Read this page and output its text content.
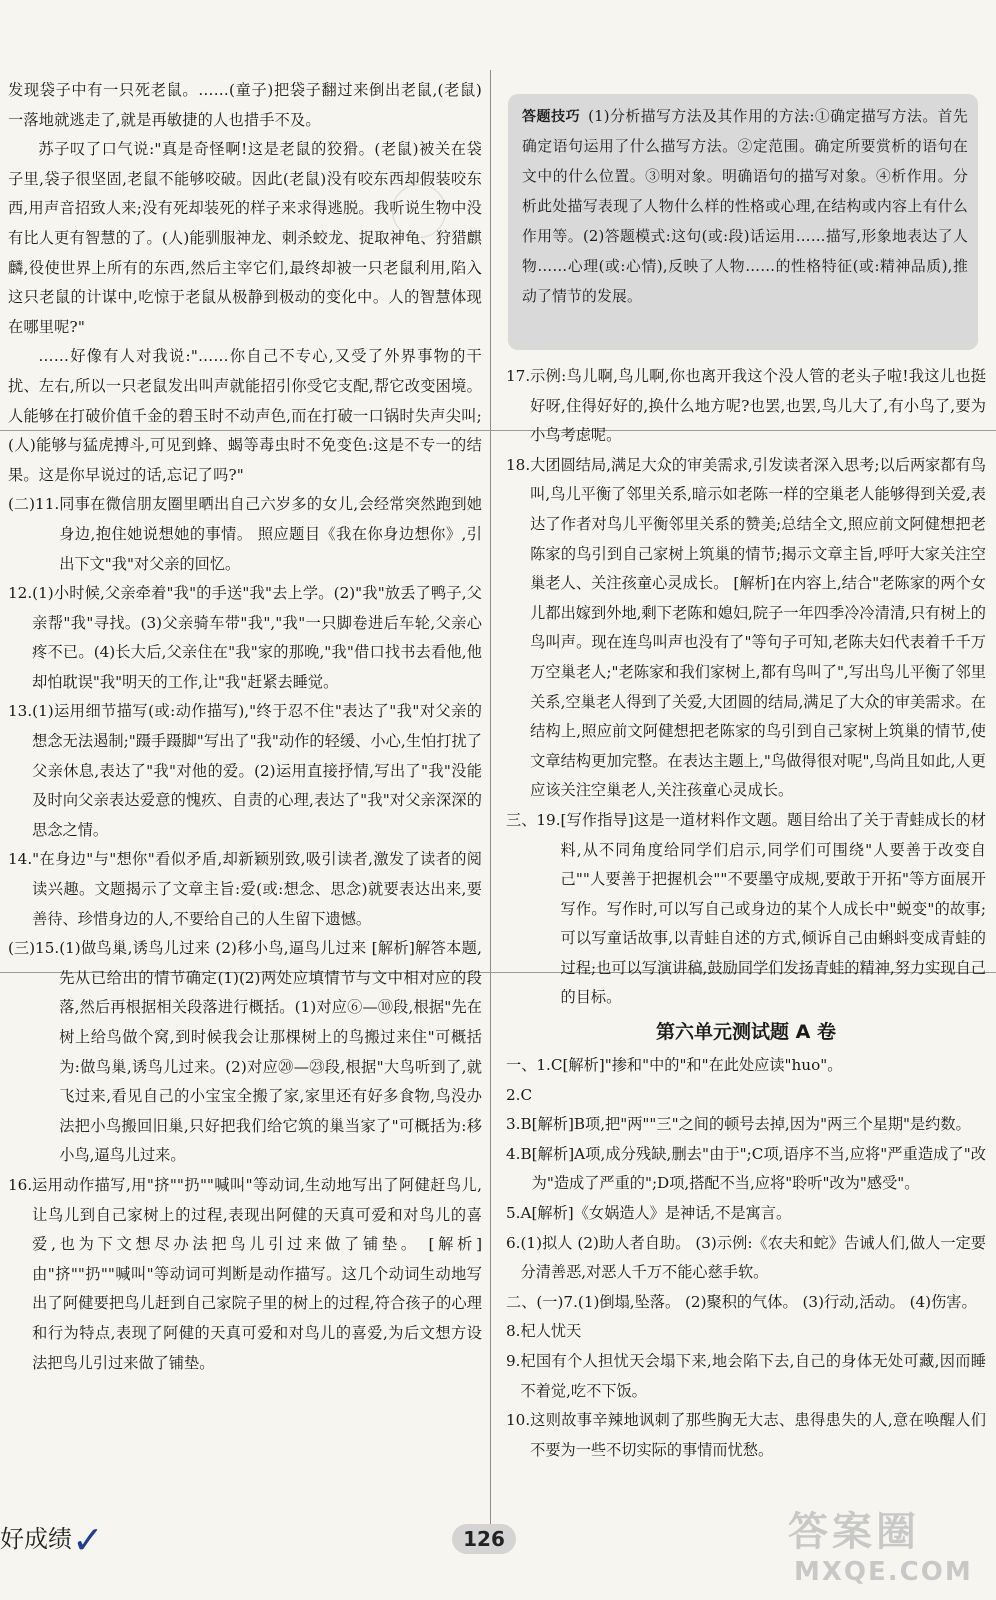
发现袋子中有一只死老鼠。……(童子)把袋子翻过来倒出老鼠,(老鼠)一落地就逃走了,就是再敏捷的人也措手不及。

苏子叹了口气说:"真是奇怪啊!这是老鼠的狡猾。(老鼠)被关在袋子里,袋子很坚固,老鼠不能够咬破。因此(老鼠)没有咬东西却假装咬东西,用声音招致人来;没有死却装死的样子来求得逃脱。我听说生物中没有比人更有智慧的了。(人)能驯服神龙、刺杀蛟龙、捉取神龟、狩猎麒麟,役使世界上所有的东西,然后主宰它们,最终却被一只老鼠利用,陷入这只老鼠的计谋中,吃惊于老鼠从极静到极动的变化中。人的智慧体现在哪里呢?"

……好像有人对我说:"……你自己不专心,又受了外界事物的干扰、左右,所以一只老鼠发出叫声就能招引你受它支配,帮它改变困境。人能够在打破价值千金的碧玉时不动声色,而在打破一口锅时失声尖叫;(人)能够与猛虎搏斗,可见到蜂、蝎等毒虫时不免变色:这是不专一的结果。这是你早说过的话,忘记了吗?"

(二)11. 同事在微信朋友圈里晒出自己六岁多的女儿,会经常突然跑到她身边,抱住她说想她的事情。 照应题目《我在你身边想你》,引出下文"我"对父亲的回忆。
12. (1)小时候,父亲牵着"我"的手送"我"去上学。(2)"我"放丢了鸭子,父亲帮"我"寻找。(3)父亲骑车带"我","我"一只脚卷进后车轮,父亲心疼不已。(4)长大后,父亲住在"我"家的那晚,"我"借口找书去看他,他却怕耽误"我"明天的工作,让"我"赶紧去睡觉。
13. (1)运用细节描写(或:动作描写),"终于忍不住"表达了"我"对父亲的想念无法遏制;"蹑手蹑脚"写出了"我"动作的轻缓、小心,生怕打扰了父亲休息,表达了"我"对他的爱。(2)运用直接抒情,写出了"我"没能及时向父亲表达爱意的愧疚、自责的心理,表达了"我"对父亲深深的思念之情。
14. "在身边"与"想你"看似矛盾,却新颖别致,吸引读者,激发了读者的阅读兴趣。文题揭示了文章主旨:爱(或:想念、思念)就要表达出来,要善待、珍惜身边的人,不要给自己的人生留下遗憾。
(三)15. (1)做鸟巢,诱鸟儿过来 (2)移小鸟,逼鸟儿过来 [解析]解答本题,先从已给出的情节确定(1)(2)两处应填情节与文中相对应的段落,然后再根据相关段落进行概括。(1)对应⑥—⑩段,根据"先在树上给鸟做个窝,到时候我会让那棵树上的鸟搬过来住"可概括为:做鸟巢,诱鸟儿过来。(2)对应⑳—㉓段,根据"大鸟听到了,就飞过来,看见自己的小宝宝全搬了家,家里还有好多食物,鸟没办法把小鸟搬回旧巢,只好把我们给它筑的巢当家了"可概括为:移小鸟,逼鸟儿过来。
16. 运用动作描写,用"挤""扔""喊叫"等动词,生动地写出了阿健赶鸟儿,让鸟儿到自己家树上的过程,表现出阿健的天真可爱和对鸟儿的喜爱,也为下文想尽办法把鸟儿引过来做了铺垫。 [解析]由"挤""扔""喊叫"等动词可判断是动作描写。这几个动词生动地写出了阿健要把鸟儿赶到自己家院子里的树上的过程,符合孩子的心理和行为特点,表现了阿健的天真可爱和对鸟儿的喜爱,为后文想方设法把鸟儿引过来做了铺垫。

答题技巧 (1)分析描写方法及其作用的方法:①确定描写方法。首先确定语句运用了什么描写方法。②定范围。确定所要赏析的语句在文中的什么位置。③明对象。明确语句的描写对象。④析作用。分析此处描写表现了人物什么样的性格或心理,在结构或内容上有什么作用等。(2)答题模式:这句(或:段)话运用……描写,形象地表达了人物……心理(或:心情),反映了人物……的性格特征(或:精神品质),推动了情节的发展。

17. 示例:鸟儿啊,鸟儿啊,你也离开我这个没人管的老头子啦!我这儿也挺好呀,住得好好的,换什么地方呢?也罢,也罢,鸟儿大了,有小鸟了,要为小鸟考虑呢。
18. 大团圆结局,满足大众的审美需求,引发读者深入思考;以后两家都有鸟叫,鸟儿平衡了邻里关系,暗示如老陈一样的空巢老人能够得到关爱,表达了作者对鸟儿平衡邻里关系的赞美;总结全文,照应前文阿健想把老陈家的鸟引到自己家树上筑巢的情节;揭示文章主旨,呼吁大家关注空巢老人、关注孩童心灵成长。 [解析]在内容上,结合"老陈家的两个女儿都出嫁到外地,剩下老陈和媳妇,院子一年四季冷冷清清,只有树上的鸟叫声。现在连鸟叫声也没有了"等句子可知,老陈夫妇代表着千千万万空巢老人;"老陈家和我们家树上,都有鸟叫了",写出鸟儿平衡了邻里关系,空巢老人得到了关爱,大团圆的结局,满足了大众的审美需求。在结构上,照应前文阿健想把老陈家的鸟引到自己家树上筑巢的情节,使文章结构更加完整。在表达主题上,"鸟做得很对呢",鸟尚且如此,人更应该关注空巢老人,关注孩童心灵成长。
三、19. [写作指导]这是一道材料作文题。题目给出了关于青蛙成长的材料,从不同角度给同学们启示,同学们可围绕"人要善于改变自己""人要善于把握机会""不要墨守成规,要敢于开拓"等方面展开写作。写作时,可以写自己或身边的某个人成长中"蜕变"的故事;可以写童话故事,以青蛙自述的方式,倾诉自己由蝌蚪变成青蛙的过程;也可以写演讲稿,鼓励同学们发扬青蛙的精神,努力实现自己的目标。
第六单元测试题 A 卷
一、1.C [解析]"掺和"中的"和"在此处应读"huo"。
2.C
3.B [解析]B项,把"两""三"之间的顿号去掉,因为"两三个星期"是约数。
4.B [解析]A项,成分残缺,删去"由于";C项,语序不当,应将"严重造成了"改为"造成了严重的";D项,搭配不当,应将"聆听"改为"感受"。
5.A [解析]《女娲造人》是神话,不是寓言。
6. (1)拟人 (2)助人者自助。 (3)示例:《农夫和蛇》告诫人们,做人一定要分清善恶,对恶人千万不能心慈手软。
二、(一)7. (1)倒塌,坠落。 (2)聚积的气体。 (3)行动,活动。 (4)伤害。
8. 杞人忧天
9. 杞国有个人担忧天会塌下来,地会陷下去,自己的身体无处可藏,因而睡不着觉,吃不下饭。
10. 这则故事辛辣地讽刺了那些胸无大志、患得患失的人,意在唤醒人们不要为一些不切实际的事情而忧愁。
好成绩✓	126	答案圈
MXQE.COM
